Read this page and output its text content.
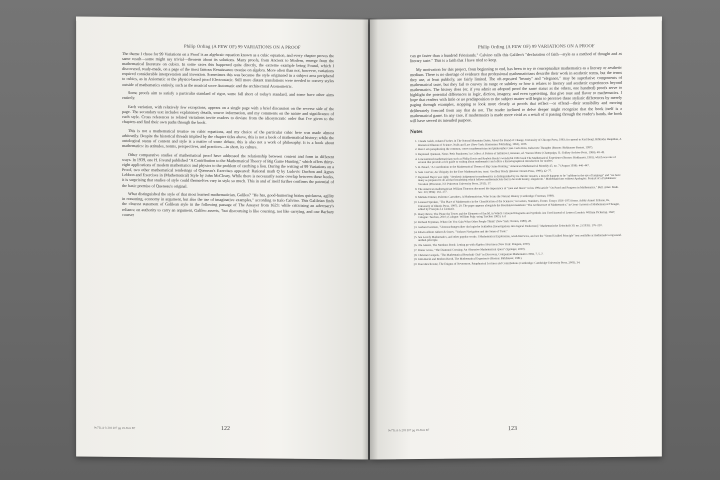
Philip Ording (A FEW OF) 99 VARIATIONS ON A PROOF

The theme I chose for 99 Variations on a Proof is an algebraic equation known as a cubic equation, and every chapter proves the same result—some might say trivial—theorem about its solutions. Many proofs, from Ancient to Modern, emerge from the mathematical literature on cubics. In some cases this happened quite directly, the extreme example being Found, which I discovered, ready-made, on a page of the most famous Renaissance treatise on algebra. More often than not, however, variations required considerable interpretation and invention. Sometimes this was because the style originated in a subject area peripheral to cubics, as in Axiomatic or the physics-based proof Electrostatic. Still more distant translations were needed to convey styles outside of mathematics entirely, such as the musical score Automatic and the architectural Axonometric.

Some proofs aim to satisfy a particular standard of rigor, some fall short of today's standard, and some have other aims entirely.

Each variation, with relatively few exceptions, appears on a single page with a brief discussion on the reverse side of the page. The secondary text includes explanatory details, source information, and my comments on the nature and significance of each style. Cross references to related variations invite readers to deviate from the idiosyncratic order that I've given to the chapters and find their own paths through the book.

This is not a mathematical treatise on cubic equations, and my choice of the particular cubic here was made almost arbitrarily. Despite the historical threads implied by the chapter titles above, this is not a book of mathematical history; while the ontological status of content and style is a matter of some debate, this is also not a work of philosophy. It is a book about mathematics: its attitudes, norms, perspectives, and practices—in short, its culture.

Other comparative studies of mathematical proof have addressed the relationship between content and form in different ways. In 1939, one H. Freund published "A Contribution to the Mathematical Theory of Big Game Hunting," which offers thirty-eight applications of modern mathematics and physics to the problem of catching a lion. During the writing of 99 Variations on a Proof, two other mathematical renderings of Queneau's Exercises appeared: Rational math Q by Ludovic Duchon and Agnes Lebbon and Exercises in (Mathematical) Style by John McCleary. While there is necessarily some overlap between these books, it is surprising that studies of style could themselves vary in style so much. This in and of itself further confirms the potential of the basic premise of Queneau's original.

What distinguished the style of that most learned mathematician, Galileo? "He has, good-humoring brains quickness, agility in reasoning, economy in argument, but also the use of imaginative examples," according to Italo Calvino. This Galileian finds the clearest statement of Galilean style in the following passage of The Assayer from 1623: while criticizing an adversary's reliance on authority to carry an argument, Galileo asserts, "but discoursing is like coursing, not like carrying, and one Barbary courser

9v7Ts.A·b 203 207 pg 19-56.6 B7	122
Philip Ording (A FEW OF) 99 VARIATIONS ON A PROOF

can go faster than a hundred Friesiands." Calvino calls this Galileo's "declaration of faith—style as a method of thought and as literary taste." This is a faith that I have tried to keep.

My motivation for this project, from beginning to end, has been to try to conceptualize mathematics as a literary or aesthetic medium. There is no shortage of evidence that professional mathematicians describe their work in aesthetic terms, but the terms they use, at least publicly, are fairly limited. The oft-repeated "beauty" and "elegance," may be superlative components of mathematical taste, but they fail to convey its range or subtlety or how it relates to literary and aesthetic experiences beyond mathematics. The history does (or, if you admit an adopted proof the same status as the others, one hundred) proofs serve to highlight the potential differences in logic, diction, imagery, and even typesetting, that give tone and flavor to mathematics. I hope that readers with little or no predisposition to the subject matter will begin to perceive these stylistic differences by merely paging through examples, stopping to look more closely at proofs that reflect—or offend—their sensibility and moving deliberately forward from any that do not. The reader inclined to delve deeper might recognize that the book itself is a mathematical game. In any case, if mathematics is made more vivid as a result of it passing through the reader's hands, the book will have served its intended purpose.

Notes
1. Claude Galeb, Johann Fischer, in The Natural Mountain Dame, About the Brand of Change, University of Chicago Press, 1983; for spread to Karl Benjl, Bibliothe Haupldun, A Historical Illusion of Science, Nulls and Law (New York: Harmonies Publishing, 1963), 1186.
2. Here I am paraphrasing the common, correct mathematician and philosopher Gian-Carlo Rota, Indiscrete Thoughts (Boston: Birkhauser Boston, 1997).
3. Raymond Queneau, Notes 'Petit Pandosten,' in Collect: A Pattern of Infinitive Literature, ed. Warren Motte (Champaign, IL: Dalkey Archive Press, 1986), 48–49.
4. I encountered mathematicians such as Philip Davis and Reuben Hersh's wonderful 1981 book The Mathematical Experience (Boston: Birkhauser, 1981), which was one of several that provide a rich guide to writing about mathematics and offers a historiographical introduction for readers.
5. H. Pétard, "A Contribution to the Mathematical Theory of Big Game Hunting," American Mathematical Monthly 45, no. 7 (August 1938): 446–447.
6. Sam Coerver, An Ubiquity for the Ever Mathematician, trans. Geoffrey Brady (Boston: Dream Press, 1996), 42–77.
7. Raymond Bayer was right: "Aesthetic judgement in mathematics is distinguished by its chronic tension, a muscle happens to be "sublime in the eye of language" and "we have many as prepared to do all that broadening which follows mathematicians feel to be truth beauty, eleganceto." Mathematicians without Apologies: Portrait of a Problematic Vocation (Princeton, NJ: Princeton University Press, 2015), 17.
8. The American mathematician William Thurston discussed the importance of "tone and flavor" in his 1994 article "On Proof and Progress in Mathematics," Bull. Amer. Math. Soc. 30 (1994): 161–177.
9. Michele Emmer, Palermo Carruthers, A Mathematician, Who Scans the Natural History (Cambridge: Freeman, 1989).
10. Leonard Sproken, "The Place of Mathematics in the Classification of the Sciences," in Letters, Numbers, Forms: Essays 1926–1973 (trans. Ashby Annett Erikson, Ils, University of Illinois Press, 1997), 29. The paper appears alongside the Bourbakist manifesto "The Architecture of Mathematics," in Great Currents of Mathematical Thought, edited by François Le Lionnais.
11. Harry Bruce, The Pirate the Tower and the Elements of Euclid, in Which Coloured Diagrams and Symbols Are Used Instead of Letters (London: William Pickering, 1847; Cologne: Taschen, 2010; (Cologne: William Pulp: using Taschen 1985), n.d.
12. Richard Feynman, Where Do You Gain What Other People Think? (New York: Norton, 1988), 28.
13. Gerhard Gentzen, "Untersuchungen über das logische Schließen [Investigations into logical Deduction]," Mathematische Zeitschrift 39, no. 2 (1935): 176–210.
14. Edwin Abbott Abbott & Stroes, "Yodawn Navigation and the Sense of Taste."
15. See Lovely Mathematics, and other popular works. I Mathematical Exploration, wnsh.fitnt/wws, and see the "Sound Unified Principle" text available at mathematics.org/sound-unified-principle.
16. Ola Ameen, The Numbers Book: Letting go with Algebra Structures (New York: Penguin, 2000).
17. Dieter Gruss, "The Diamond Crossing: An Obsessive Mathematical Quest" (Springer, 2000).
18. Christian Goepels, "The Mathematical Bourbaki Club" in Discovery, Companion Mathematics 1982, 7, 5–7.
19. John Hersh and Reuben Hersh, The Mathematical Experience (Boston: Birkhäuser, 1981).
20. Dan Hirschowitz, The Enigma of Nevermore, Pataphysical Lectures and Contributions (Cambridge: Cambridge University Press, 2003), 34.
9v7Ts.A·b 203 207 pg 19-56.6 B7	123
